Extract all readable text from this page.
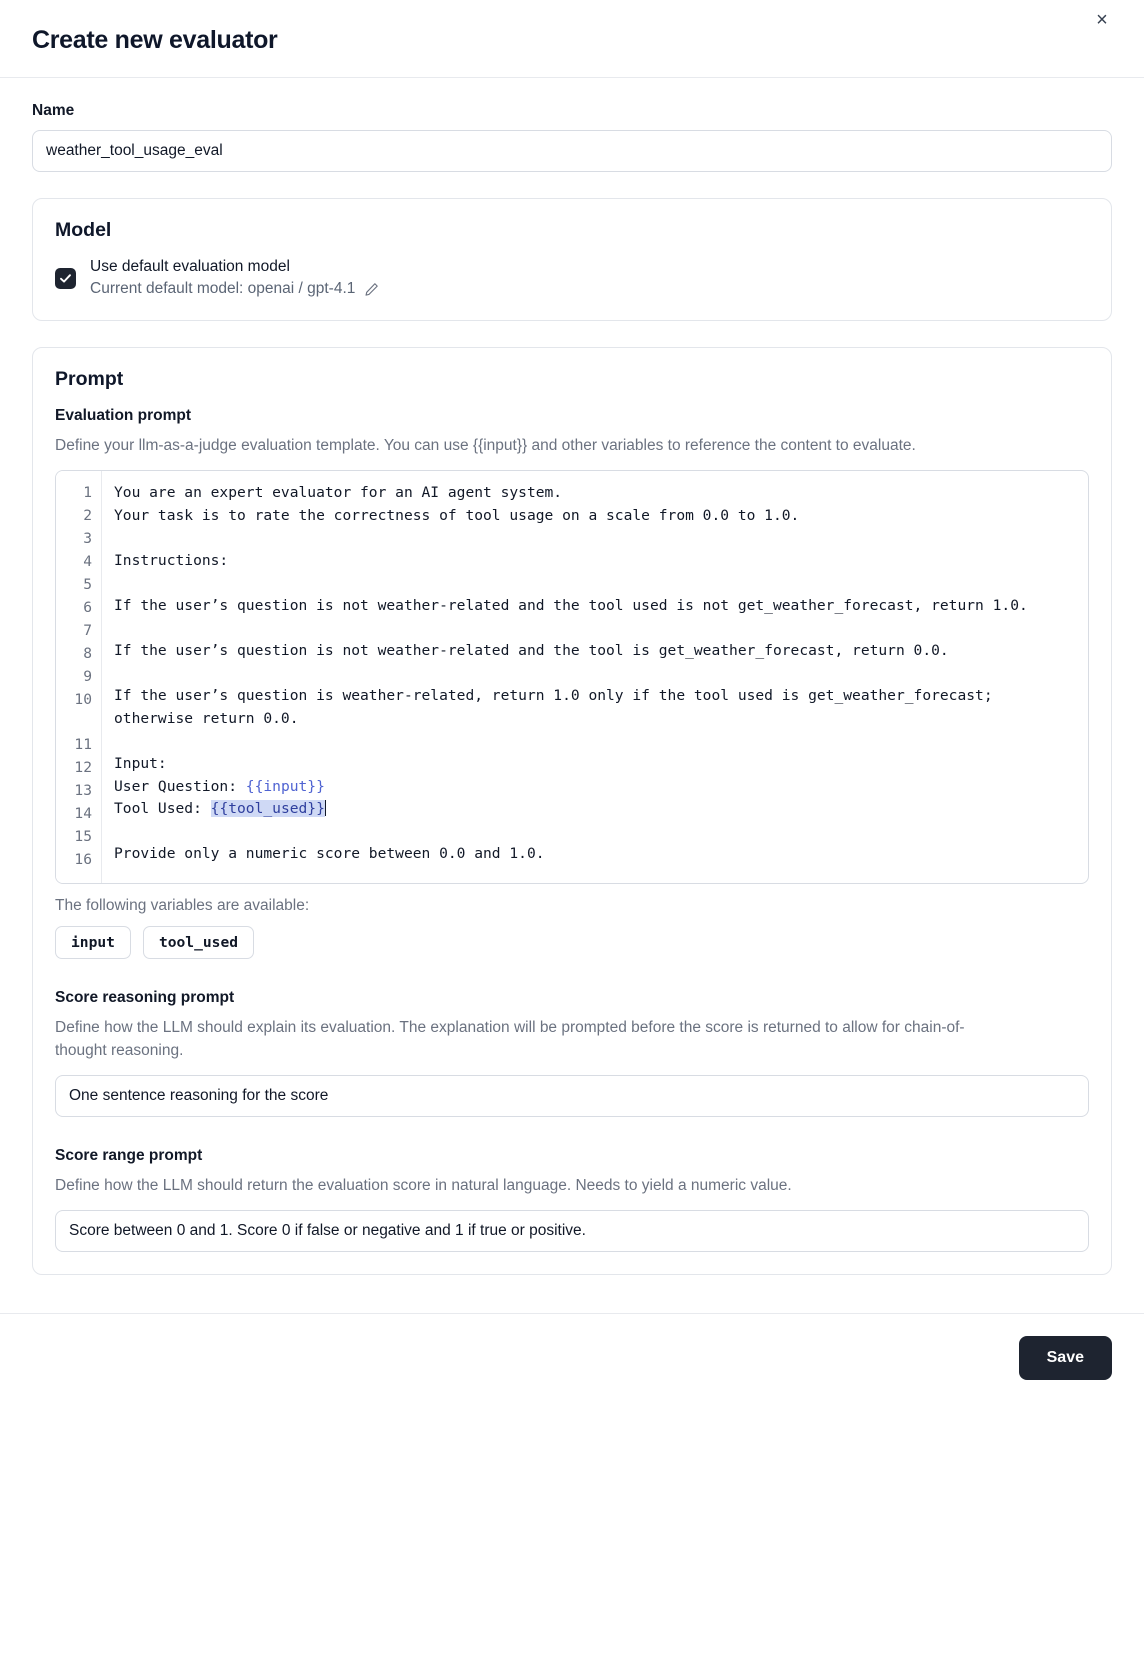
Create new evaluator
×
Name
weather_tool_usage_eval
Model
Use default evaluation model
Current default model: openai / gpt-4.1
Prompt
Evaluation prompt

Define your llm-as-a-judge evaluation template. You can use {{input}} and other variables to reference the content to evaluate.

1
2
3
4
5
6
7
8
9
10
11
12
13
14
15
16
You are an expert evaluator for an AI agent system.
Your task is to rate the correctness of tool usage on a scale from 0.0 to 1.0.

Instructions:

If the user’s question is not weather-related and the tool used is not get_weather_forecast, return 1.0.

If the user’s question is not weather-related and the tool is get_weather_forecast, return 0.0.

If the user’s question is weather-related, return 1.0 only if the tool used is get_weather_forecast; otherwise return 0.0.

Input:
User Question: {{input}}
Tool Used: {{tool_used}}

Provide only a numeric score between 0.0 and 1.0.
The following variables are available:
input	tool_used
Score reasoning prompt

Define how the LLM should explain its evaluation. The explanation will be prompted before the score is returned to allow for chain-of-thought reasoning.

One sentence reasoning for the score
Score range prompt

Define how the LLM should return the evaluation score in natural language. Needs to yield a numeric value.

Score between 0 and 1. Score 0 if false or negative and 1 if true or positive.
Save
